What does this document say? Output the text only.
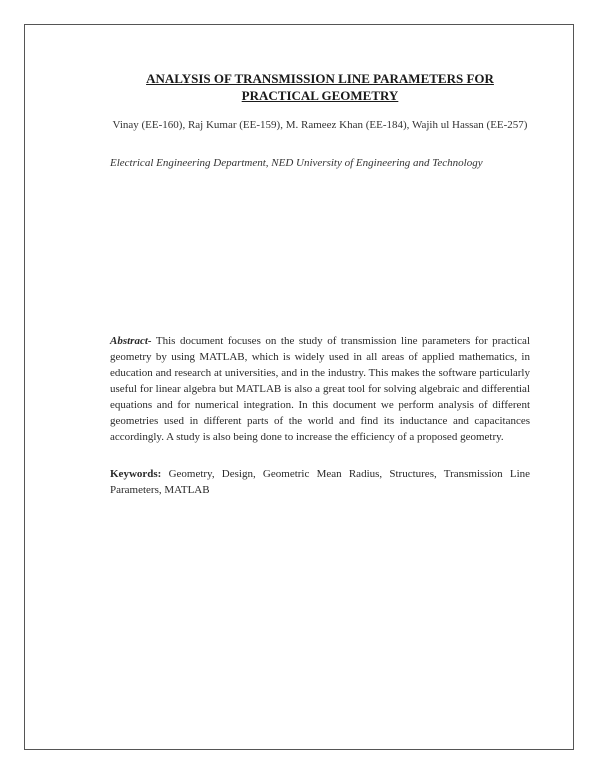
ANALYSIS OF TRANSMISSION LINE PARAMETERS FOR PRACTICAL GEOMETRY
Vinay (EE-160), Raj Kumar (EE-159), M. Rameez Khan (EE-184), Wajih ul Hassan (EE-257)
Electrical Engineering Department, NED University of Engineering and Technology

Abstract- This document focuses on the study of transmission line parameters for practical geometry by using MATLAB, which is widely used in all areas of applied mathematics, in education and research at universities, and in the industry. This makes the software particularly useful for linear algebra but MATLAB is also a great tool for solving algebraic and differential equations and for numerical integration. In this document we perform analysis of different geometries used in different parts of the world and find its inductance and capacitances accordingly. A study is also being done to increase the efficiency of a proposed geometry.

Keywords: Geometry, Design, Geometric Mean Radius, Structures, Transmission Line Parameters, MATLAB
